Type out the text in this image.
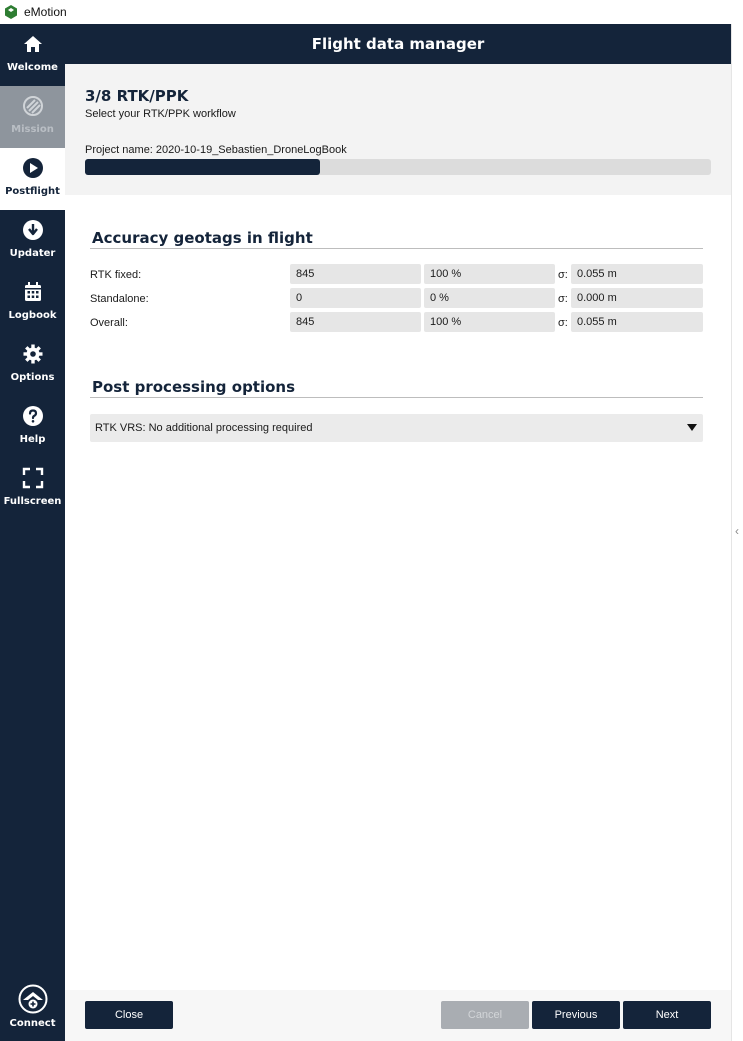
eMotion
Welcome
Mission
Postflight
Updater
Logbook
Options
Help
Fullscreen
Connect
Flight data manager
‹
3/8 RTK/PPK
Select your RTK/PPK workflow
Project name: 2020-10-19_Sebastien_DroneLogBook
Accuracy geotags in flight
RTK fixed:	845	100 %	σ: 0.055 m
Standalone:	0	0 %	σ: 0.000 m
Overall:	845	100 %	σ: 0.055 m
Post processing options
RTK VRS: No additional processing required
Close	Cancel	Previous	Next
